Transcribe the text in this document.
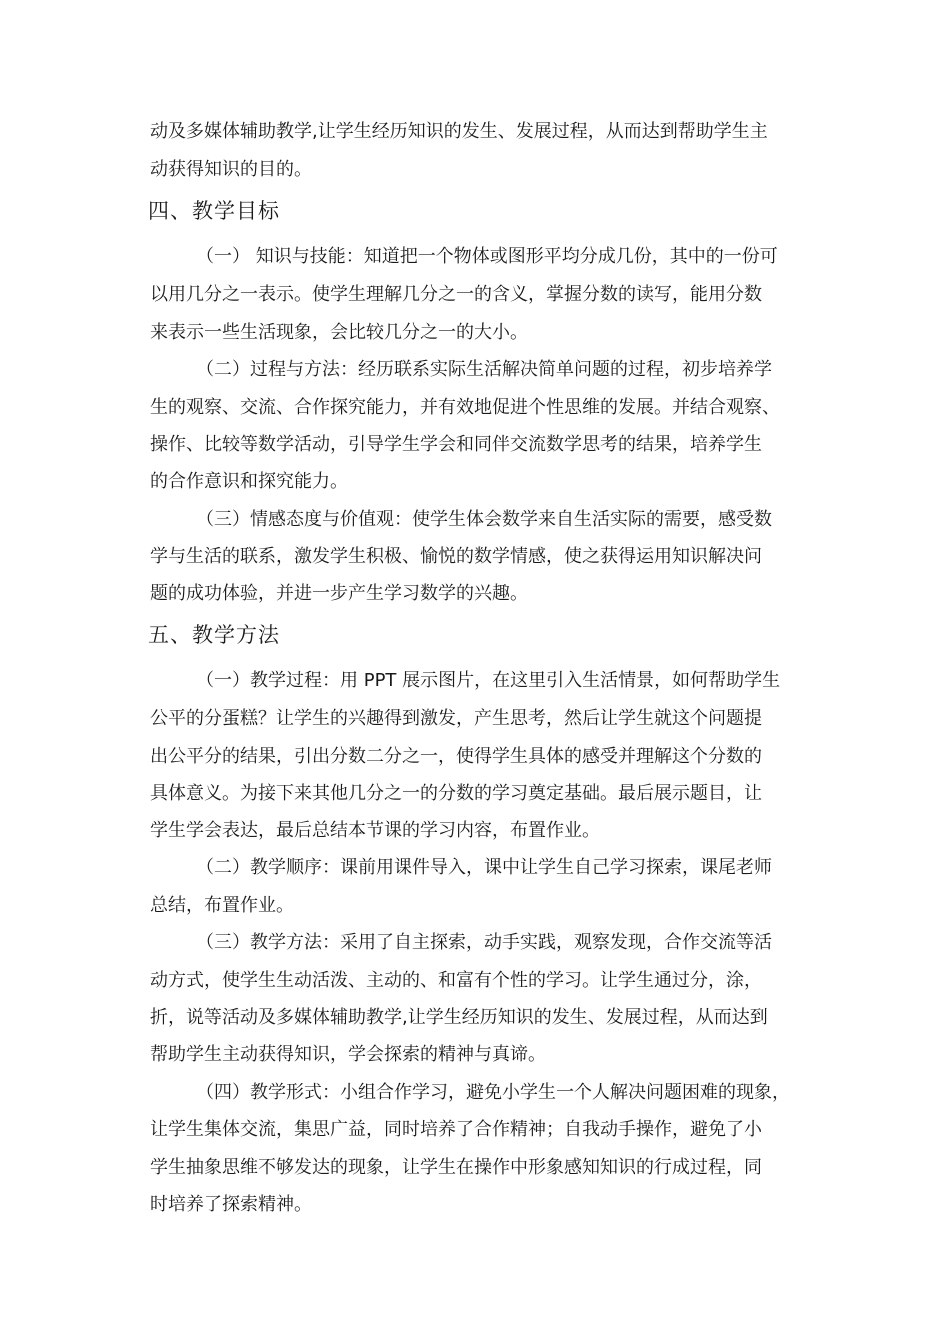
动及多媒体辅助教学,让学生经历知识的发生、发展过程，从而达到帮助学生主
动获得知识的目的。
四、教学目标
（一） 知识与技能：知道把一个物体或图形平均分成几份，其中的一份可
以用几分之一表示。使学生理解几分之一的含义，掌握分数的读写，能用分数
来表示一些生活现象，会比较几分之一的大小。
（二）过程与方法：经历联系实际生活解决简单问题的过程，初步培养学
生的观察、交流、合作探究能力，并有效地促进个性思维的发展。并结合观察、
操作、比较等数学活动，引导学生学会和同伴交流数学思考的结果，培养学生
的合作意识和探究能力。
（三）情感态度与价值观：使学生体会数学来自生活实际的需要，感受数
学与生活的联系，激发学生积极、愉悦的数学情感，使之获得运用知识解决问
题的成功体验，并进一步产生学习数学的兴趣。
五、教学方法
（一）教学过程：用 PPT 展示图片，在这里引入生活情景，如何帮助学生
公平的分蛋糕？让学生的兴趣得到激发，产生思考，然后让学生就这个问题提
出公平分的结果，引出分数二分之一，使得学生具体的感受并理解这个分数的
具体意义。为接下来其他几分之一的分数的学习奠定基础。最后展示题目，让
学生学会表达，最后总结本节课的学习内容，布置作业。
（二）教学顺序：课前用课件导入，课中让学生自己学习探索，课尾老师
总结，布置作业。
（三）教学方法：采用了自主探索，动手实践，观察发现，合作交流等活
动方式，使学生生动活泼、主动的、和富有个性的学习。让学生通过分，涂，
折，说等活动及多媒体辅助教学,让学生经历知识的发生、发展过程，从而达到
帮助学生主动获得知识，学会探索的精神与真谛。
（四）教学形式：小组合作学习，避免小学生一个人解决问题困难的现象，
让学生集体交流，集思广益，同时培养了合作精神；自我动手操作，避免了小
学生抽象思维不够发达的现象，让学生在操作中形象感知知识的行成过程，同
时培养了探索精神。
